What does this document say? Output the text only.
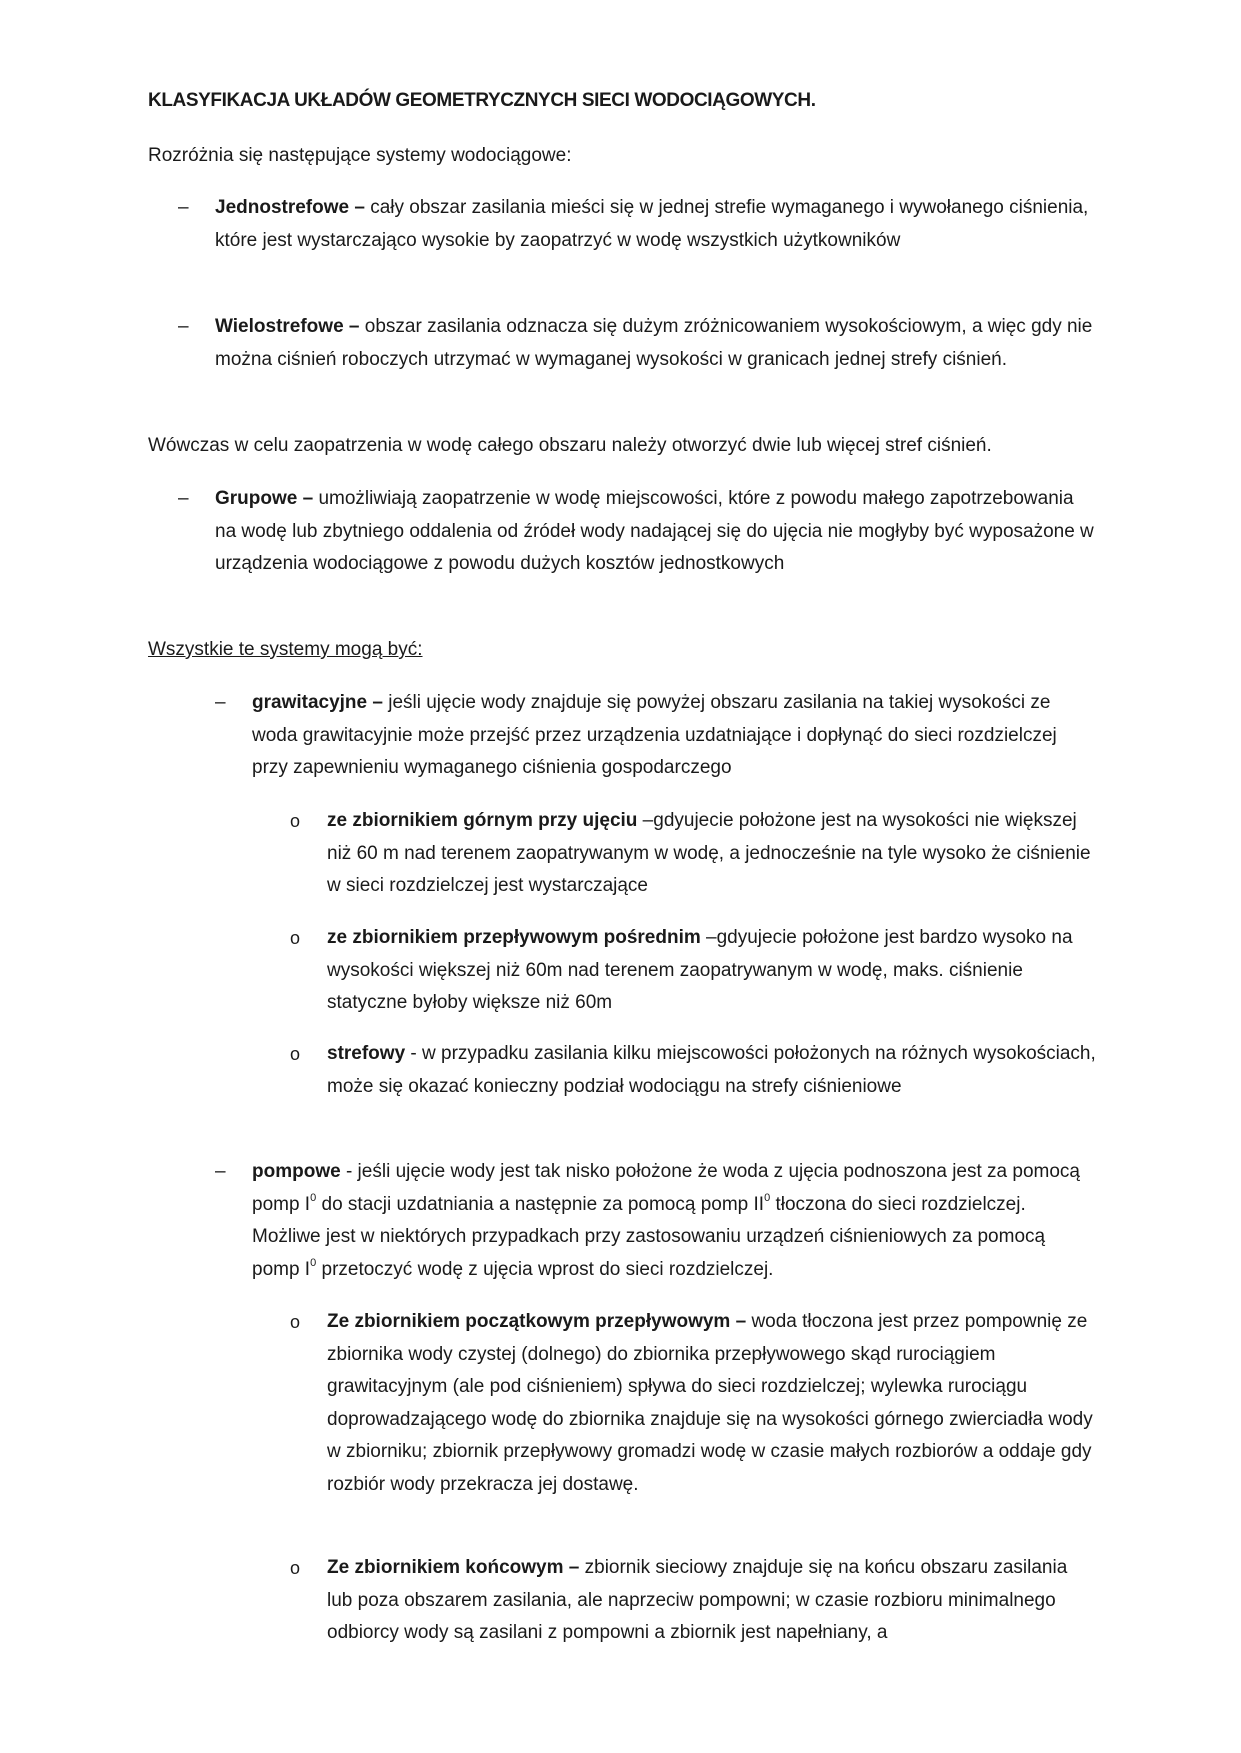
KLASYFIKACJA UKŁADÓW GEOMETRYCZNYCH SIECI WODOCIĄGOWYCH.
Rozróżnia się następujące systemy wodociągowe:
– Jednostrefowe – cały obszar zasilania mieści się w jednej strefie wymaganego i wywołanego ciśnienia, które jest wystarczająco wysokie by zaopatrzyć w wodę wszystkich użytkowników
– Wielostrefowe – obszar zasilania odznacza się dużym zróżnicowaniem wysokościowym, a więc gdy nie można ciśnień roboczych utrzymać w wymaganej wysokości w granicach jednej strefy ciśnień.
Wówczas w celu zaopatrzenia w wodę całego obszaru należy otworzyć dwie lub więcej stref ciśnień.
– Grupowe – umożliwiają zaopatrzenie w wodę miejscowości, które z powodu małego zapotrzebowania na wodę lub zbytniego oddalenia od źródeł wody nadającej się do ujęcia nie mogłyby być wyposażone w urządzenia wodociągowe z powodu dużych kosztów jednostkowych
Wszystkie te systemy mogą być:
– grawitacyjne – jeśli ujęcie wody znajduje się powyżej obszaru zasilania na takiej wysokości ze woda grawitacyjnie może przejść przez urządzenia uzdatniające i dopłynąć do sieci rozdzielczej przy zapewnieniu wymaganego ciśnienia gospodarczego
o ze zbiornikiem górnym przy ujęciu –gdyujecie położone jest na wysokości nie większej niż 60 m nad terenem zaopatrywanym w wodę, a jednocześnie na tyle wysoko że ciśnienie w sieci rozdzielczej jest wystarczające
o ze zbiornikiem przepływowym pośrednim –gdyujecie położone jest bardzo wysoko na wysokości większej niż 60m nad terenem zaopatrywanym w wodę, maks. ciśnienie statyczne byłoby większe niż 60m
o strefowy - w przypadku zasilania kilku miejscowości położonych na różnych wysokościach, może się okazać konieczny podział wodociągu na strefy ciśnieniowe
– pompowe - jeśli ujęcie wody jest tak nisko położone że woda z ujęcia podnoszona jest za pomocą pomp $I^0$ do stacji uzdatniania a następnie za pomocą pomp $II^0$ tłoczona do sieci rozdzielczej. Możliwe jest w niektórych przypadkach przy zastosowaniu urządzeń ciśnieniowych za pomocą pomp $I^0$ przetoczyć wodę z ujęcia wprost do sieci rozdzielczej.
o Ze zbiornikiem początkowym przepływowym – woda tłoczona jest przez pompownię ze zbiornika wody czystej (dolnego) do zbiornika przepływowego skąd rurociągiem grawitacyjnym (ale pod ciśnieniem) spływa do sieci rozdzielczej; wylewka rurociągu doprowadzającego wodę do zbiornika znajduje się na wysokości górnego zwierciadła wody w zbiorniku; zbiornik przepływowy gromadzi wodę w czasie małych rozbiorów a oddaje gdy rozbiór wody przekracza jej dostawę.
o Ze zbiornikiem końcowym – zbiornik sieciowy znajduje się na końcu obszaru zasilania lub poza obszarem zasilania, ale naprzeciw pompowni; w czasie rozbioru minimalnego odbiorcy wody są zasilani z pompowni a zbiornik jest napełniany, a
